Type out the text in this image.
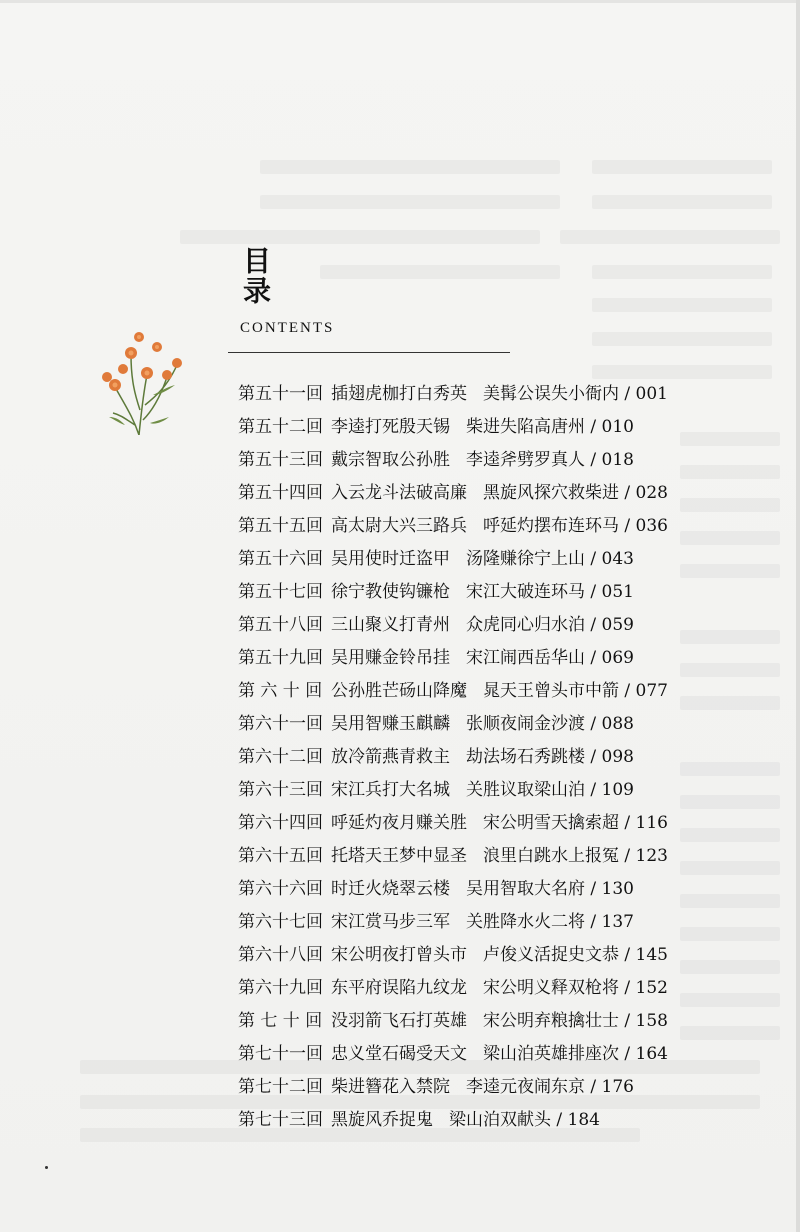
目录
CONTENTS
第五十一回 插翅虎枷打白秀英 美髯公误失小衙内 / 001
第五十二回 李逵打死殷天锡 柴进失陷高唐州 / 010
第五十三回 戴宗智取公孙胜 李逵斧劈罗真人 / 018
第五十四回 入云龙斗法破高廉 黑旋风探穴救柴进 / 028
第五十五回 高太尉大兴三路兵 呼延灼摆布连环马 / 036
第五十六回 吴用使时迁盗甲 汤隆赚徐宁上山 / 043
第五十七回 徐宁教使钩镰枪 宋江大破连环马 / 051
第五十八回 三山聚义打青州 众虎同心归水泊 / 059
第五十九回 吴用赚金铃吊挂 宋江闹西岳华山 / 069
第 六 十 回 公孙胜芒砀山降魔 晁天王曾头市中箭 / 077
第六十一回 吴用智赚玉麒麟 张顺夜闹金沙渡 / 088
第六十二回 放冷箭燕青救主 劫法场石秀跳楼 / 098
第六十三回 宋江兵打大名城 关胜议取梁山泊 / 109
第六十四回 呼延灼夜月赚关胜 宋公明雪天擒索超 / 116
第六十五回 托塔天王梦中显圣 浪里白跳水上报冤 / 123
第六十六回 时迁火烧翠云楼 吴用智取大名府 / 130
第六十七回 宋江赏马步三军 关胜降水火二将 / 137
第六十八回 宋公明夜打曾头市 卢俊义活捉史文恭 / 145
第六十九回 东平府误陷九纹龙 宋公明义释双枪将 / 152
第 七 十 回 没羽箭飞石打英雄 宋公明弃粮擒壮士 / 158
第七十一回 忠义堂石碣受天文 梁山泊英雄排座次 / 164
第七十二回 柴进簪花入禁院 李逵元夜闹东京 / 176
第七十三回 黑旋风乔捉鬼 梁山泊双献头 / 184
